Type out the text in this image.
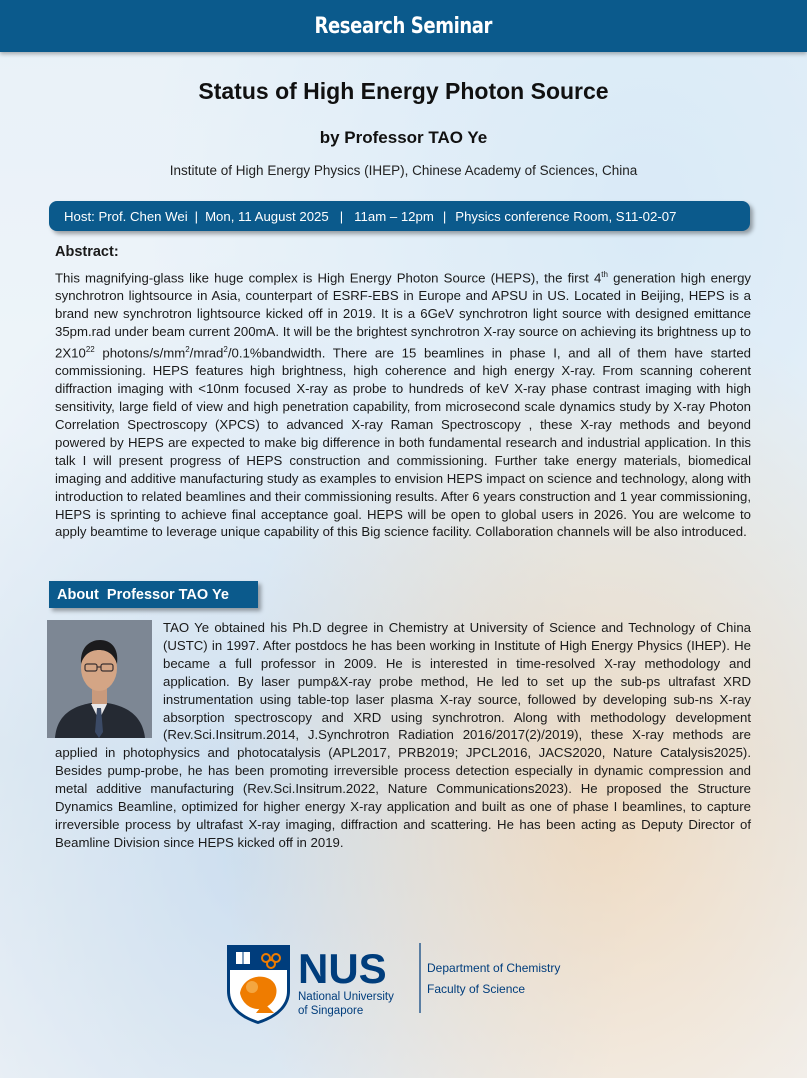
Research Seminar
Status of High Energy Photon Source
by Professor TAO Ye
Institute of High Energy Physics (IHEP), Chinese Academy of Sciences, China
Host: Prof. Chen Wei | Mon, 11 August 2025 | 11am – 12pm | Physics conference Room, S11-02-07
Abstract:
This magnifying-glass like huge complex is High Energy Photon Source (HEPS), the first 4th generation high energy synchrotron lightsource in Asia, counterpart of ESRF-EBS in Europe and APSU in US. Located in Beijing, HEPS is a brand new synchrotron lightsource kicked off in 2019. It is a 6GeV synchrotron light source with designed emittance 35pm.rad under beam current 200mA. It will be the brightest synchrotron X-ray source on achieving its brightness up to $2X10^{22}$ photons/$s/mm^2/mrad^2/0.1\%bandwidth$. There are 15 beamlines in phase I, and all of them have started commissioning. HEPS features high brightness, high coherence and high energy X-ray. From scanning coherent diffraction imaging with <10nm focused X-ray as probe to hundreds of keV X-ray phase contrast imaging with high sensitivity, large field of view and high penetration capability, from microsecond scale dynamics study by X-ray Photon Correlation Spectroscopy (XPCS) to advanced X-ray Raman Spectroscopy , these X-ray methods and beyond powered by HEPS are expected to make big difference in both fundamental research and industrial application. In this talk I will present progress of HEPS construction and commissioning. Further take energy materials, biomedical imaging and additive manufacturing study as examples to envision HEPS impact on science and technology, along with introduction to related beamlines and their commissioning results. After 6 years construction and 1 year commissioning, HEPS is sprinting to achieve final acceptance goal. HEPS will be open to global users in 2026. You are welcome to apply beamtime to leverage unique capability of this Big science facility. Collaboration channels will be also introduced.
About  Professor TAO Ye
TAO Ye obtained his Ph.D degree in Chemistry at University of Science and Technology of China (USTC) in 1997. After postdocs he has been working in Institute of High Energy Physics (IHEP). He became a full professor in 2009. He is interested in time-resolved X-ray methodology and application. By laser pump&X-ray probe method, He led to set up the sub-ps ultrafast XRD instrumentation using table-top laser plasma X-ray source, followed by developing sub-ns X-ray absorption spectroscopy and XRD using synchrotron. Along with methodology development (Rev.Sci.Insitrum.2014, J.Synchrotron Radiation 2016/2017(2)/2019), these X-ray methods are applied in photophysics and photocatalysis (APL2017, PRB2019; JPCL2016, JACS2020, Nature Catalysis2025). Besides pump-probe, he has been promoting irreversible process detection especially in dynamic compression and metal additive manufacturing (Rev.Sci.Insitrum.2022, Nature Communications2023). He proposed the Structure Dynamics Beamline, optimized for higher energy X-ray application and built as one of phase I beamlines, to capture irreversible process by ultrafast X-ray imaging, diffraction and scattering. He has been acting as Deputy Director of Beamline Division since HEPS kicked off in 2019.
NUS
National University
of Singapore
Department of Chemistry
Faculty of Science
